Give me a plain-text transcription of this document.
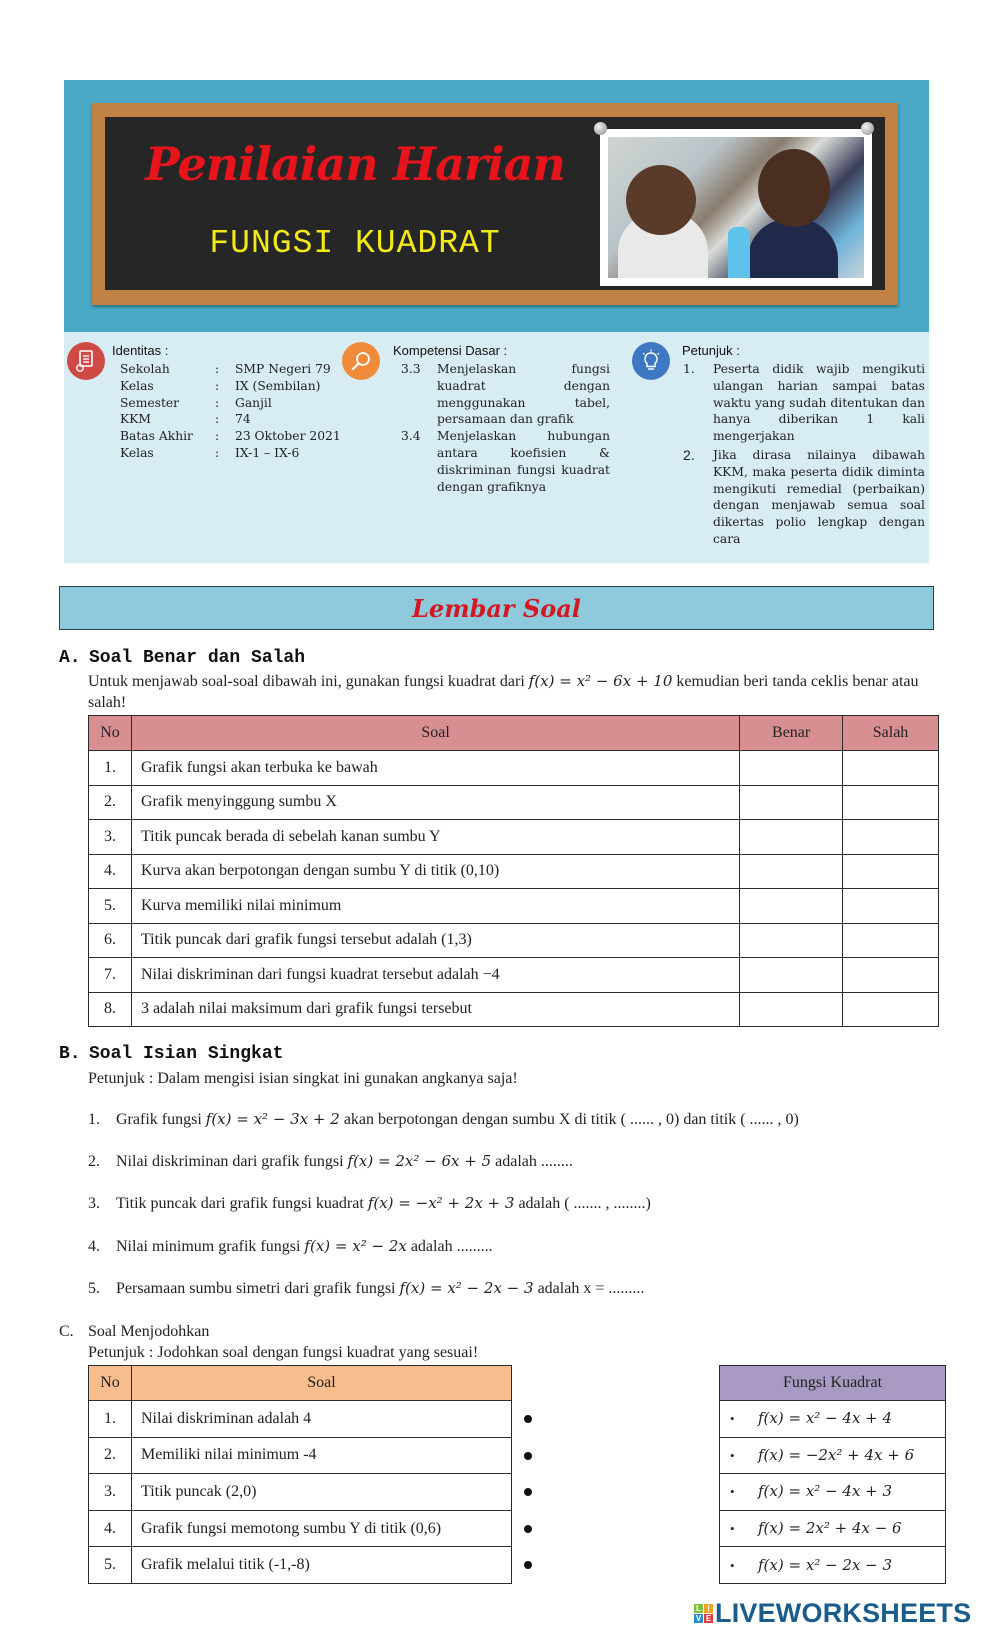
Penilaian Harian
FUNGSI KUADRAT
Identitas :
Sekolah	:	SMP Negeri 79
Kelas	:	IX (Sembilan)
Semester	:	Ganjil
KKM	:	74
Batas Akhir	:	23 Oktober 2021
Kelas	:	IX-1 – IX-6
Kompetensi Dasar :
3.3	Menjelaskan fungsi kuadrat dengan menggunakan tabel, persamaan dan grafik
3.4	Menjelaskan hubungan antara koefisien & diskriminan fungsi kuadrat dengan grafiknya
Petunjuk :
1.	Peserta didik wajib mengikuti ulangan harian sampai batas waktu yang sudah ditentukan dan hanya diberikan 1 kali mengerjakan
2.	Jika dirasa nilainya dibawah KKM, maka peserta didik diminta mengikuti remedial (perbaikan) dengan menjawab semua soal dikertas polio lengkap dengan cara
Lembar Soal
A. Soal Benar dan Salah
Untuk menjawab soal-soal dibawah ini, gunakan fungsi kuadrat dari f(x) = x² − 6x + 10 kemudian beri tanda ceklis benar atau salah!
No	Soal	Benar	Salah
1.	Grafik fungsi akan terbuka ke bawah		
2.	Grafik menyinggung sumbu X		
3.	Titik puncak berada di sebelah kanan sumbu Y		
4.	Kurva akan berpotongan dengan sumbu Y di titik (0,10)		
5.	Kurva memiliki nilai minimum		
6.	Titik puncak dari grafik fungsi tersebut adalah (1,3)		
7.	Nilai diskriminan dari fungsi kuadrat tersebut adalah −4		
8.	3 adalah nilai maksimum dari grafik fungsi tersebut		
B. Soal Isian Singkat
Petunjuk : Dalam mengisi isian singkat ini gunakan angkanya saja!
1. Grafik fungsi f(x) = x² − 3x + 2 akan berpotongan dengan sumbu X di titik ( ...... , 0) dan titik ( ...... , 0)
2. Nilai diskriminan dari grafik fungsi f(x) = 2x² − 6x + 5 adalah ........
3. Titik puncak dari grafik fungsi kuadrat f(x) = −x² + 2x + 3 adalah ( ....... , ........)
4. Nilai minimum grafik fungsi f(x) = x² − 2x adalah .........
5. Persamaan sumbu simetri dari grafik fungsi f(x) = x² − 2x − 3 adalah x = .........
C. Soal Menjodohkan
Petunjuk : Jodohkan soal dengan fungsi kuadrat yang sesuai!
No	Soal
1.	Nilai diskriminan adalah 4
2.	Memiliki nilai minimum -4
3.	Titik puncak (2,0)
4.	Grafik fungsi memotong sumbu Y di titik (0,6)
5.	Grafik melalui titik (-1,-8)
Fungsi Kuadrat
• f(x) = x² − 4x + 4
• f(x) = −2x² + 4x + 6
• f(x) = x² − 4x + 3
• f(x) = 2x² + 4x − 6
• f(x) = x² − 2x − 3
L I
V E LIVEWORKSHEETS
